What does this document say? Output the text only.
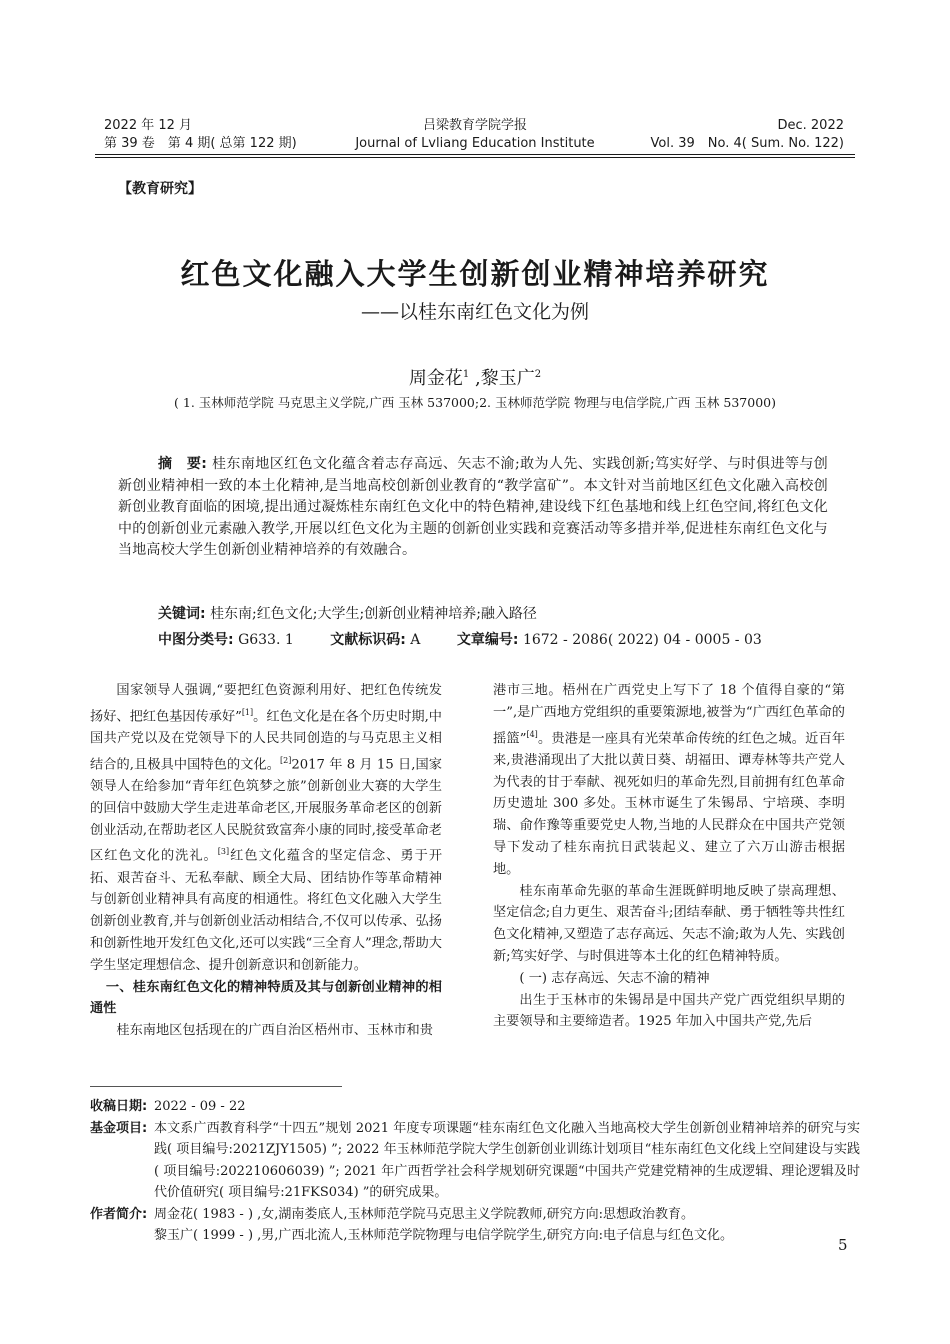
2022 年 12 月
第 39 卷　第 4 期( 总第 122 期)
吕梁教育学院学报
Journal of Lvliang Education Institute
Dec. 2022
Vol. 39　No. 4( Sum. No. 122)
【教育研究】
红色文化融入大学生创新创业精神培养研究
——以桂东南红色文化为例
周金花$^1$ ,黎玉广$^2$
( 1. 玉林师范学院 马克思主义学院,广西 玉林 537000;2. 玉林师范学院 物理与电信学院,广西 玉林 537000)
摘　要: 桂东南地区红色文化蕴含着志存高远、矢志不渝;敢为人先、实践创新;笃实好学、与时俱进等与创新创业精神相一致的本土化精神,是当地高校创新创业教育的“教学富矿”。本文针对当前地区红色文化融入高校创新创业教育面临的困境,提出通过凝炼桂东南红色文化中的特色精神,建设线下红色基地和线上红色空间,将红色文化中的创新创业元素融入教学,开展以红色文化为主题的创新创业实践和竞赛活动等多措并举,促进桂东南红色文化与当地高校大学生创新创业精神培养的有效融合。
关键词: 桂东南;红色文化;大学生;创新创业精神培养;融入路径
中图分类号: G633. 1	文献标识码: A	文章编号: 1672 - 2086( 2022) 04 - 0005 - 03

国家领导人强调,“要把红色资源利用好、把红色传统发扬好、把红色基因传承好”[1]。红色文化是在各个历史时期,中国共产党以及在党领导下的人民共同创造的与马克思主义相结合的,且极具中国特色的文化。[2]2017 年 8 月 15 日,国家领导人在给参加“青年红色筑梦之旅”创新创业大赛的大学生的回信中鼓励大学生走进革命老区,开展服务革命老区的创新创业活动,在帮助老区人民脱贫致富奔小康的同时,接受革命老区红色文化的洗礼。[3]红色文化蕴含的坚定信念、勇于开拓、艰苦奋斗、无私奉献、顾全大局、团结协作等革命精神与创新创业精神具有高度的相通性。将红色文化融入大学生创新创业教育,并与创新创业活动相结合,不仅可以传承、弘扬和创新性地开发红色文化,还可以实践“三全育人”理念,帮助大学生坚定理想信念、提升创新意识和创新能力。

一、桂东南红色文化的精神特质及其与创新创业精神的相通性

桂东南地区包括现在的广西自治区梧州市、玉林市和贵

港市三地。梧州在广西党史上写下了 18 个值得自豪的“第一”,是广西地方党组织的重要策源地,被誉为“广西红色革命的摇篮”[4]。贵港是一座具有光荣革命传统的红色之城。近百年来,贵港涌现出了大批以黄日葵、胡福田、谭寿林等共产党人为代表的甘于奉献、视死如归的革命先烈,目前拥有红色革命历史遗址 300 多处。玉林市诞生了朱锡昂、宁培瑛、李明瑞、俞作豫等重要党史人物,当地的人民群众在中国共产党领导下发动了桂东南抗日武装起义、建立了六万山游击根据地。

桂东南革命先驱的革命生涯既鲜明地反映了崇高理想、坚定信念;自力更生、艰苦奋斗;团结奉献、勇于牺牲等共性红色文化精神,又塑造了志存高远、矢志不渝;敢为人先、实践创新;笃实好学、与时俱进等本土化的红色精神特质。

( 一) 志存高远、矢志不渝的精神

出生于玉林市的朱锡昂是中国共产党广西党组织早期的主要领导和主要缔造者。1925 年加入中国共产党,先后

收稿日期: 2022 - 09 - 22
基金项目: 本文系广西教育科学“十四五”规划 2021 年度专项课题“桂东南红色文化融入当地高校大学生创新创业精神培养的研究与实践( 项目编号:2021ZJY1505) ”; 2022 年玉林师范学院大学生创新创业训练计划项目“桂东南红色文化线上空间建设与实践( 项目编号:202210606039) ”; 2021 年广西哲学社会科学规划研究课题“中国共产党建党精神的生成逻辑、理论逻辑及时代价值研究( 项目编号:21FKS034) ”的研究成果。
作者简介: 周金花( 1983 - ) ,女,湖南娄底人,玉林师范学院马克思主义学院教师,研究方向:思想政治教育。
黎玉广( 1999 - ) ,男,广西北流人,玉林师范学院物理与电信学院学生,研究方向:电子信息与红色文化。
5
